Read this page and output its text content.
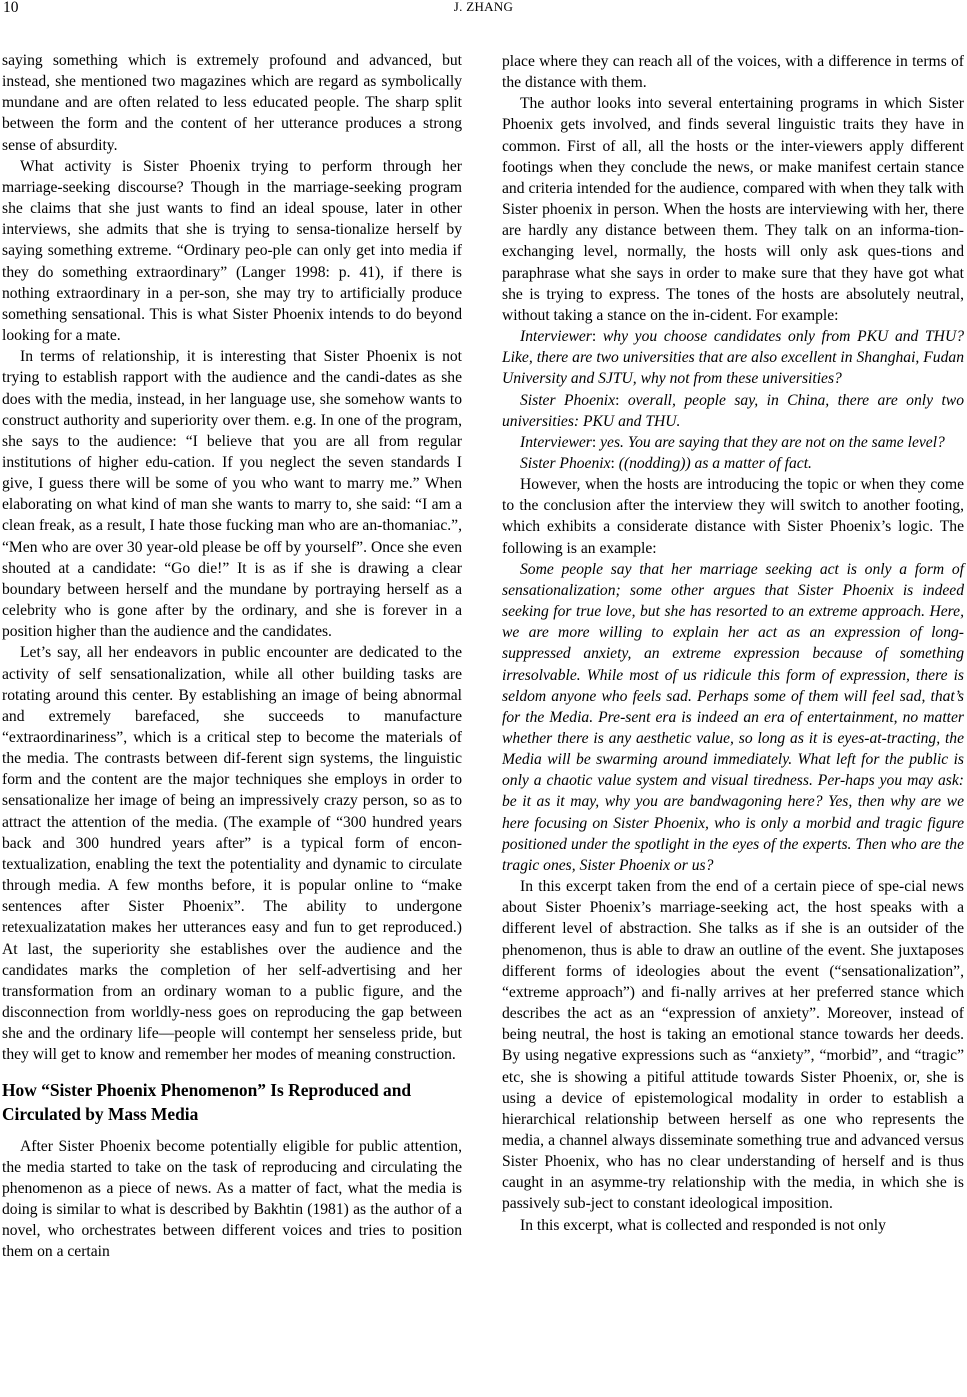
10	J. ZHANG

saying something which is extremely profound and advanced, but instead, she mentioned two magazines which are regard as symbolically mundane and are often related to less educated people. The sharp split between the form and the content of her utterance produces a strong sense of absurdity.

What activity is Sister Phoenix trying to perform through her marriage-seeking discourse? Though in the marriage-seeking program she claims that she just wants to find an ideal spouse, later in other interviews, she admits that she is trying to sensa-tionalize herself by saying something extreme. “Ordinary peo-ple can only get into media if they do something extraordinary” (Langer 1998: p. 41), if there is nothing extraordinary in a per-son, she may try to artificially produce something sensational. This is what Sister Phoenix intends to do beyond looking for a mate.

In terms of relationship, it is interesting that Sister Phoenix is not trying to establish rapport with the audience and the candi-dates as she does with the media, instead, in her language use, she somehow wants to construct authority and superiority over them. e.g. In one of the program, she says to the audience: “I believe that you are all from regular institutions of higher edu-cation. If you neglect the seven standards I give, I guess there will be some of you who want to marry me.” When elaborating on what kind of man she wants to marry to, she said: “I am a clean freak, as a result, I hate those fucking man who are an-thomaniac.”, “Men who are over 30 year-old please be off by yourself”. Once she even shouted at a candidate: “Go die!” It is as if she is drawing a clear boundary between herself and the mundane by portraying herself as a celebrity who is gone after by the ordinary, and she is forever in a position higher than the audience and the candidates.

Let’s say, all her endeavors in public encounter are dedicated to the activity of self sensationalization, while all other building tasks are rotating around this center. By establishing an image of being abnormal and extremely barefaced, she succeeds to manufacture “extraordinariness”, which is a critical step to become the materials of the media. The contrasts between dif-ferent sign systems, the linguistic form and the content are the major techniques she employs in order to sensationalize her image of being an impressively crazy person, so as to attract the attention of the media. (The example of “300 hundred years back and 300 hundred years after” is a typical form of encon-textualization, enabling the text the potentiality and dynamic to circulate through media. A few months before, it is popular online to “make sentences after Sister Phoenix”. The ability to undergone retexualizatation makes her utterances easy and fun to get reproduced.) At last, the superiority she establishes over the audience and the candidates marks the completion of her self-advertising and her transformation from an ordinary woman to a public figure, and the disconnection from worldly-ness goes on reproducing the gap between she and the ordinary life—people will contempt her senseless pride, but they will get to know and remember her modes of meaning construction.

How “Sister Phoenix Phenomenon” Is Reproduced and Circulated by Mass Media

After Sister Phoenix become potentially eligible for public attention, the media started to take on the task of reproducing and circulating the phenomenon as a piece of news. As a matter of fact, what the media is doing is similar to what is described by Bakhtin (1981) as the author of a novel, who orchestrates between different voices and tries to position them on a certain

place where they can reach all of the voices, with a difference in terms of the distance with them.

The author looks into several entertaining programs in which Sister Phoenix gets involved, and finds several linguistic traits they have in common. First of all, all the hosts or the inter-viewers apply different footings when they conclude the news, or make manifest certain stance and criteria intended for the audience, compared with when they talk with Sister phoenix in person. When the hosts are interviewing with her, there are hardly any distance between them. They talk on an informa-tion-exchanging level, normally, the hosts will only ask ques-tions and paraphrase what she says in order to make sure that they have got what she is trying to express. The tones of the hosts are absolutely neutral, without taking a stance on the in-cident. For example:

Interviewer: why you choose candidates only from PKU and THU? Like, there are two universities that are also excellent in Shanghai, Fudan University and SJTU, why not from these universities?

Sister Phoenix: overall, people say, in China, there are only two universities: PKU and THU.

Interviewer: yes. You are saying that they are not on the same level?

Sister Phoenix: ((nodding)) as a matter of fact.

However, when the hosts are introducing the topic or when they come to the conclusion after the interview they will switch to another footing, which exhibits a considerate distance with Sister Phoenix’s logic. The following is an example:

Some people say that her marriage seeking act is only a form of sensationalization; some other argues that Sister Phoenix is indeed seeking for true love, but she has resorted to an extreme approach. Here, we are more willing to explain her act as an expression of long-suppressed anxiety, an extreme expression because of something irresolvable. While most of us ridicule this form of expression, there is seldom anyone who feels sad. Perhaps some of them will feel sad, that’s for the Media. Pre-sent era is indeed an era of entertainment, no matter whether there is any aesthetic value, so long as it is eyes-at-tracting, the Media will be swarming around immediately. What left for the public is only a chaotic value system and visual tiredness. Per-haps you may ask: be it as it may, why you are bandwagoning here? Yes, then why are we here focusing on Sister Phoenix, who is only a morbid and tragic figure positioned under the spotlight in the eyes of the experts. Then who are the tragic ones, Sister Phoenix or us?

In this excerpt taken from the end of a certain piece of spe-cial news about Sister Phoenix’s marriage-seeking act, the host speaks with a different level of abstraction. She talks as if she is an outsider of the phenomenon, thus is able to draw an outline of the event. She juxtaposes different forms of ideologies about the event (“sensationalization”, “extreme approach”) and fi-nally arrives at her preferred stance which describes the act as an “expression of anxiety”. Moreover, instead of being neutral, the host is taking an emotional stance towards her deeds. By using negative expressions such as “anxiety”, “morbid”, and “tragic” etc, she is showing a pitiful attitude towards Sister Phoenix, or, she is using a device of epistemological modality in order to establish a hierarchical relationship between herself as one who represents the media, a channel always disseminate something true and advanced versus Sister Phoenix, who has no clear understanding of herself and is thus caught in an asymme-try relationship with the media, in which she is passively sub-ject to constant ideological imposition.

In this excerpt, what is collected and responded is not only
